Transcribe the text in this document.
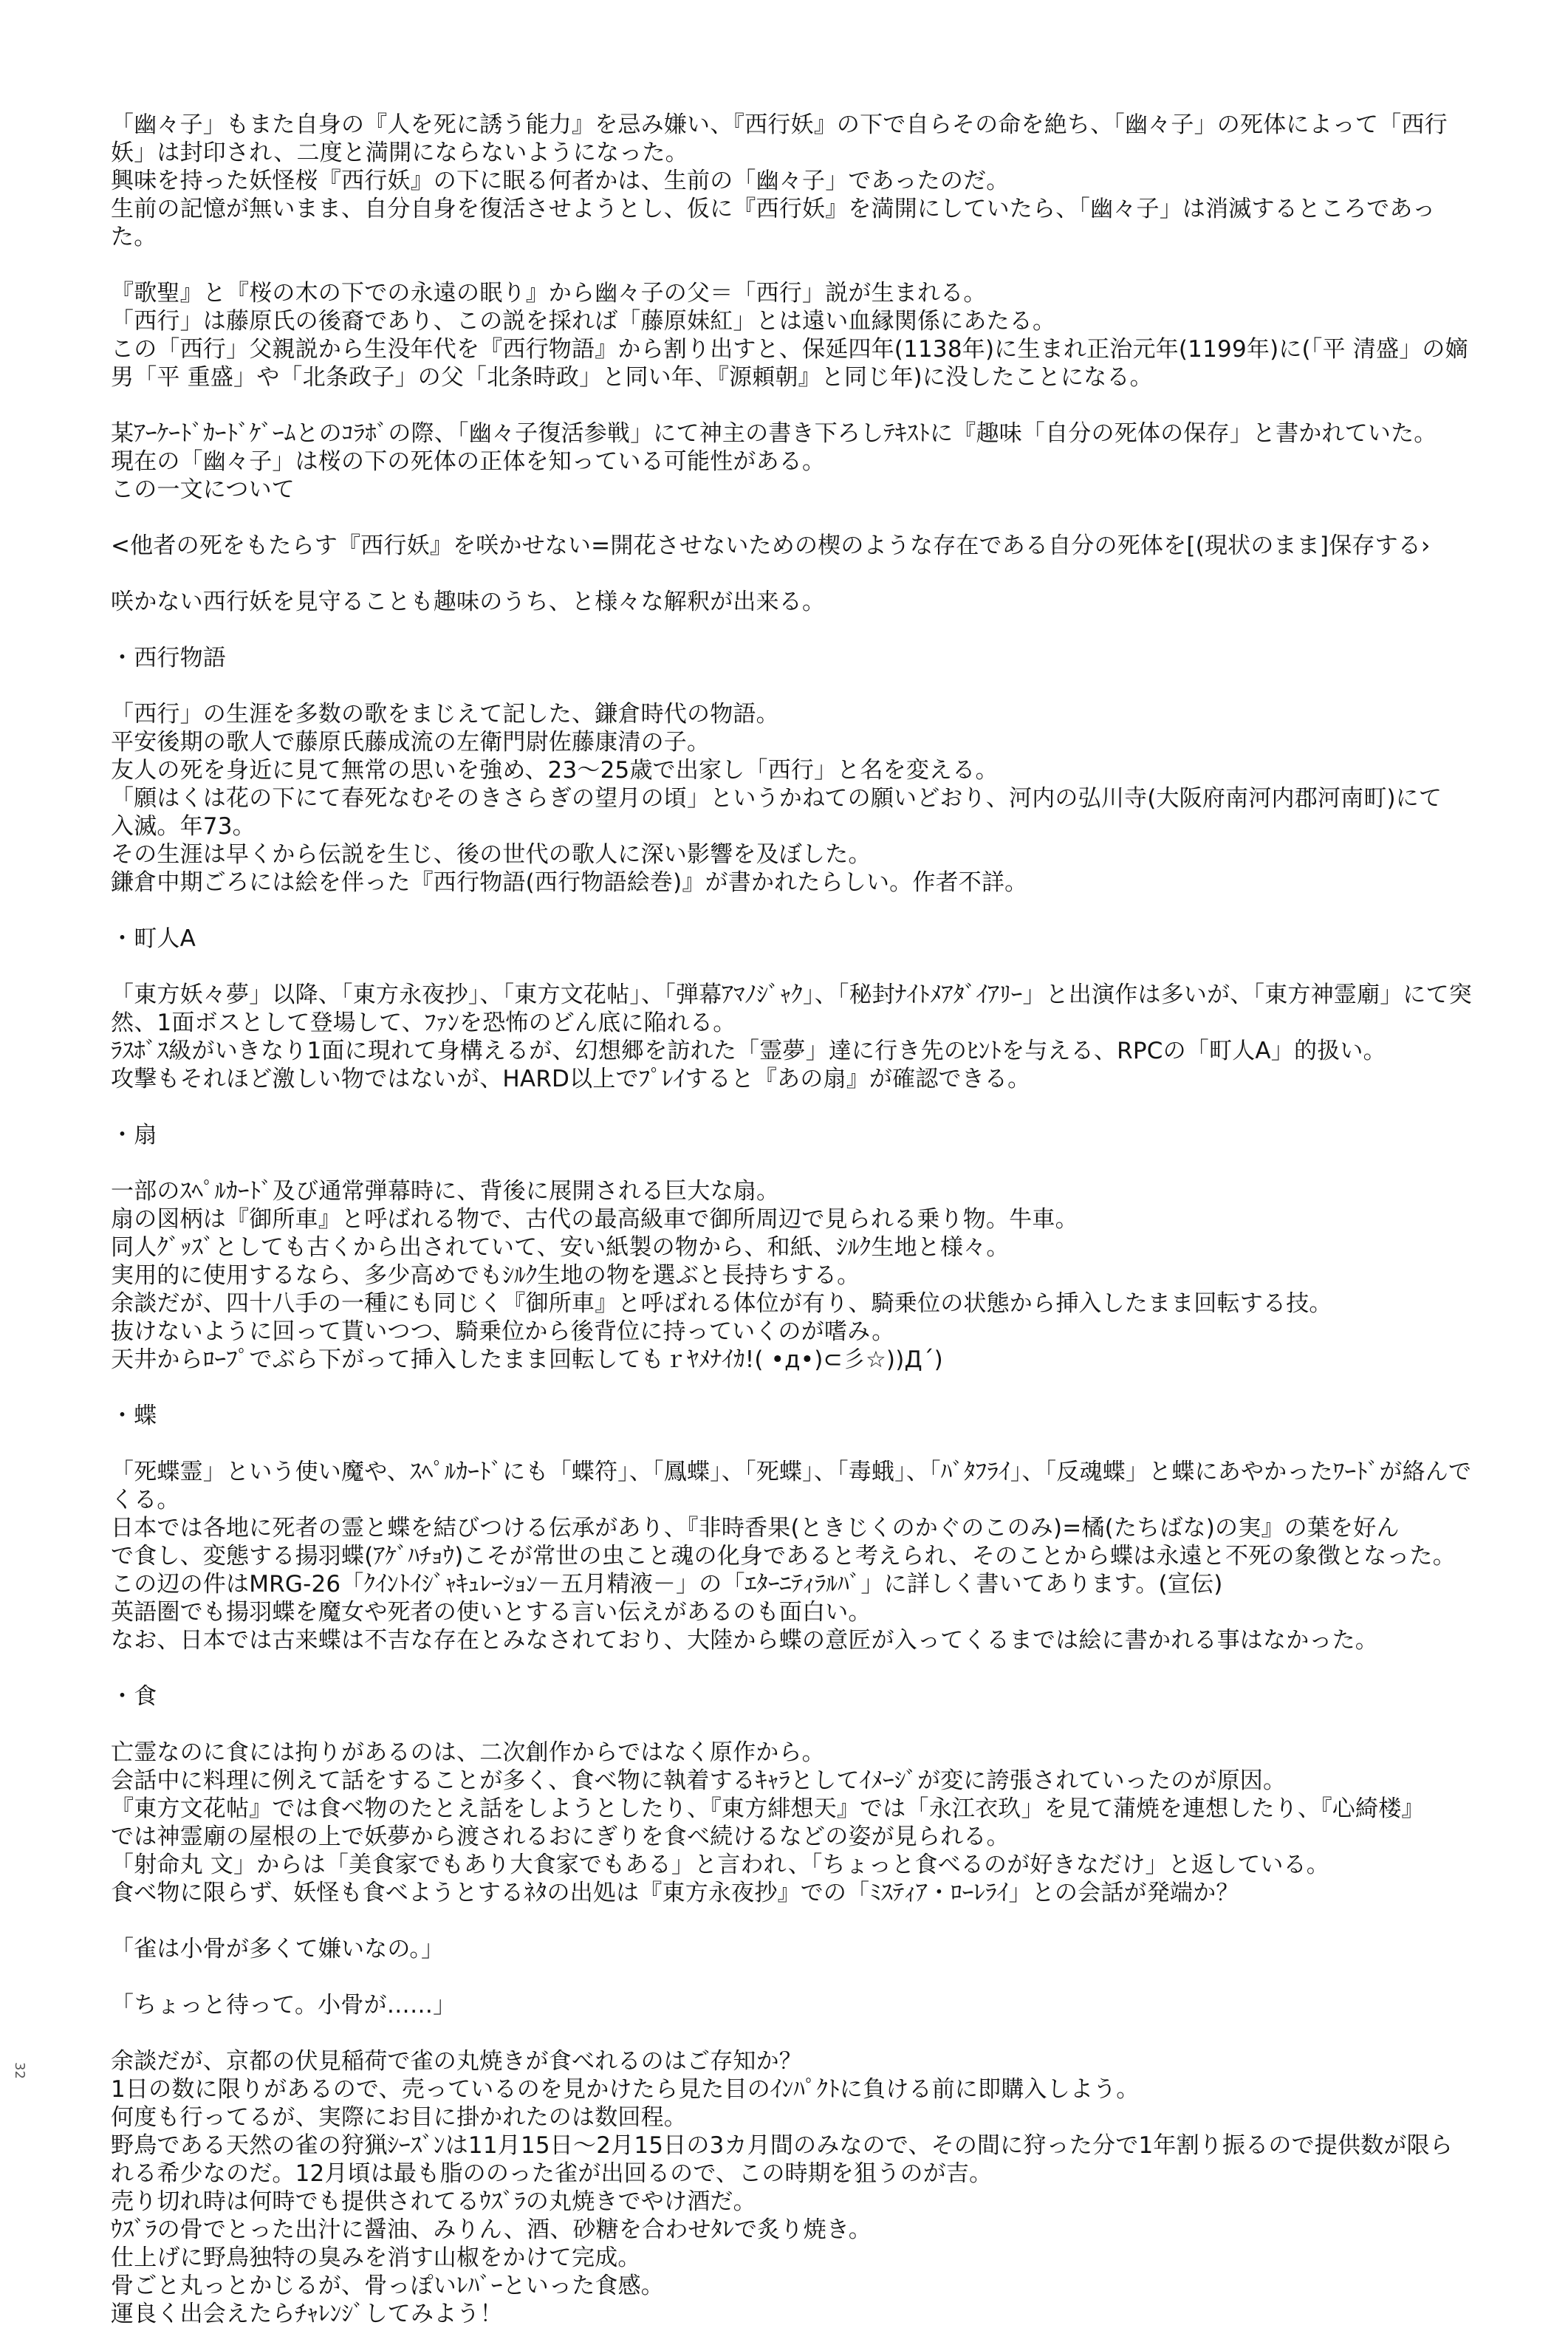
「幽々子」もまた自身の『人を死に誘う能力』を忌み嫌い、『西行妖』の下で自らその命を絶ち、「幽々子」の死体によって「西行
妖」は封印され、二度と満開にならないようになった。
興味を持った妖怪桜『西行妖』の下に眠る何者かは、生前の「幽々子」であったのだ。
生前の記憶が無いまま、自分自身を復活させようとし、仮に『西行妖』を満開にしていたら、「幽々子」は消滅するところであっ
た。
『歌聖』と『桜の木の下での永遠の眠り』から幽々子の父＝「西行」説が生まれる。
「西行」は藤原氏の後裔であり、この説を採れば「藤原妹紅」とは遠い血縁関係にあたる。
この「西行」父親説から生没年代を『西行物語』から割り出すと、保延四年(1138年)に生まれ正治元年(1199年)に(「平 清盛」の嫡
男「平 重盛」や「北条政子」の父「北条時政」と同い年、『源頼朝』と同じ年)に没したことになる。
某ｱｰｹｰﾄﾞｶｰﾄﾞｹﾞｰﾑとのｺﾗﾎﾞの際、「幽々子復活参戦」にて神主の書き下ろしﾃｷｽﾄに『趣味「自分の死体の保存」と書かれていた。
現在の「幽々子」は桜の下の死体の正体を知っている可能性がある。
この一文について
<他者の死をもたらす『西行妖』を咲かせない=開花させないための楔のような存在である自分の死体を[(現状のまま]保存する›
咲かない西行妖を見守ることも趣味のうち、と様々な解釈が出来る。
・西行物語
「西行」の生涯を多数の歌をまじえて記した、鎌倉時代の物語。
平安後期の歌人で藤原氏藤成流の左衛門尉佐藤康清の子。
友人の死を身近に見て無常の思いを強め、23～25歳で出家し「西行」と名を変える。
「願はくは花の下にて春死なむそのきさらぎの望月の頃」というかねての願いどおり、河内の弘川寺(大阪府南河内郡河南町)にて
入滅。年73。
その生涯は早くから伝説を生じ、後の世代の歌人に深い影響を及ぼした。
鎌倉中期ごろには絵を伴った『西行物語(西行物語絵巻)』が書かれたらしい。作者不詳。
・町人A
「東方妖々夢」以降、「東方永夜抄」、「東方文花帖」、「弾幕ｱﾏﾉｼﾞｬｸ」、「秘封ﾅｲﾄﾒｱﾀﾞｲｱﾘｰ」と出演作は多いが、「東方神霊廟」にて突
然、1面ボスとして登場して、ﾌｧﾝを恐怖のどん底に陥れる。
ﾗｽﾎﾞｽ級がいきなり1面に現れて身構えるが、幻想郷を訪れた「霊夢」達に行き先のﾋﾝﾄを与える、RPCの「町人A」的扱い。
攻撃もそれほど激しい物ではないが、HARD以上でﾌﾟﾚｲすると『あの扇』が確認できる。
・扇
一部のｽﾍﾟﾙｶｰﾄﾞ及び通常弾幕時に、背後に展開される巨大な扇。
扇の図柄は『御所車』と呼ばれる物で、古代の最高級車で御所周辺で見られる乗り物。牛車。
同人ｸﾞｯｽﾞとしても古くから出されていて、安い紙製の物から、和紙、ｼﾙｸ生地と様々。
実用的に使用するなら、多少高めでもｼﾙｸ生地の物を選ぶと長持ちする。
余談だが、四十八手の一種にも同じく『御所車』と呼ばれる体位が有り、騎乗位の状態から挿入したまま回転する技。
抜けないように回って貰いつつ、騎乗位から後背位に持っていくのが嗜み。
天井からﾛｰﾌﾟでぶら下がって挿入したまま回転してもｒﾔﾒﾅｲｶ!( •д•)⊂彡☆))Д´)
・蝶
「死蝶霊」という使い魔や、ｽﾍﾟﾙｶｰﾄﾞにも「蝶符」、「鳳蝶」、「死蝶」、「毒蛾」、「ﾊﾞﾀﾌﾗｲ」、「反魂蝶」と蝶にあやかったﾜｰﾄﾞが絡んで
くる。
日本では各地に死者の霊と蝶を結びつける伝承があり、『非時香果(ときじくのかぐのこのみ)=橘(たちばな)の実』の葉を好ん
で食し、変態する揚羽蝶(ｱｹﾞﾊﾁｮｳ)こそが常世の虫こと魂の化身であると考えられ、そのことから蝶は永遠と不死の象徴となった。
この辺の件はMRG-26「ｸｲﾝﾄｲｼﾞｬｷｭﾚｰｼｮﾝ－五月精液－」の「ｴﾀｰﾆﾃｨﾗﾙﾊﾞ」に詳しく書いてあります。(宣伝)
英語圏でも揚羽蝶を魔女や死者の使いとする言い伝えがあるのも面白い。
なお、日本では古来蝶は不吉な存在とみなされており、大陸から蝶の意匠が入ってくるまでは絵に書かれる事はなかった。
・食
亡霊なのに食には拘りがあるのは、二次創作からではなく原作から。
会話中に料理に例えて話をすることが多く、食べ物に執着するｷｬﾗとしてｲﾒｰｼﾞが変に誇張されていったのが原因。
『東方文花帖』では食べ物のたとえ話をしようとしたり、『東方緋想天』では「永江衣玖」を見て蒲焼を連想したり、『心綺楼』
では神霊廟の屋根の上で妖夢から渡されるおにぎりを食べ続けるなどの姿が見られる。
「射命丸 文」からは「美食家でもあり大食家でもある」と言われ、「ちょっと食べるのが好きなだけ」と返している。
食べ物に限らず、妖怪も食べようとするﾈﾀの出処は『東方永夜抄』での「ﾐｽﾃｨｱ・ﾛｰﾚﾗｲ」との会話が発端か？
「雀は小骨が多くて嫌いなの。」
「ちょっと待って。小骨が……」
余談だが、京都の伏見稲荷で雀の丸焼きが食べれるのはご存知か？
1日の数に限りがあるので、売っているのを見かけたら見た目のｲﾝﾊﾟｸﾄに負ける前に即購入しよう。
何度も行ってるが、実際にお目に掛かれたのは数回程。
野鳥である天然の雀の狩猟ｼｰｽﾞﾝは11月15日～2月15日の3カ月間のみなので、その間に狩った分で1年割り振るので提供数が限ら
れる希少なのだ。12月頃は最も脂ののった雀が出回るので、この時期を狙うのが吉。
売り切れ時は何時でも提供されてるｳｽﾞﾗの丸焼きでやけ酒だ。
ｳｽﾞﾗの骨でとった出汁に醤油、みりん、酒、砂糖を合わせﾀﾚで炙り焼き。
仕上げに野鳥独特の臭みを消す山椒をかけて完成。
骨ごと丸っとかじるが、骨っぽいﾚﾊﾞｰといった食感。
運良く出会えたらﾁｬﾚﾝｼﾞしてみよう！
32
